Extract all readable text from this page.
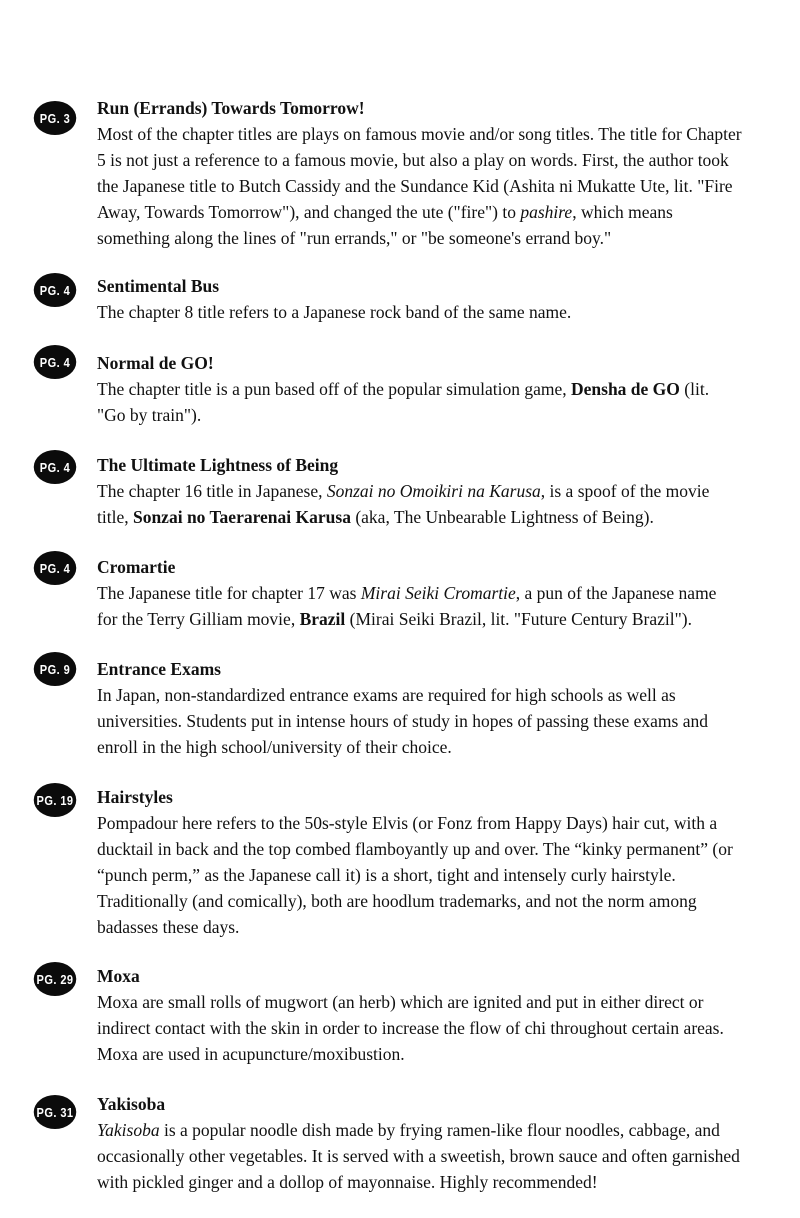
PG. 3 Run (Errands) Towards Tomorrow!

Most of the chapter titles are plays on famous movie and/or song titles. The title for Chapter

5 is not just a reference to a famous movie, but also a play on words. First, the author took

the Japanese title to Butch Cassidy and the Sundance Kid (Ashita ni Mukatte Ute, lit. "Fire

Away, Towards Tomorrow"), and changed the ute ("fire") to pashire, which means

something along the lines of "run errands," or "be someone's errand boy."

PG. 4 Sentimental Bus

The chapter 8 title refers to a Japanese rock band of the same name.

PG. 4 Normal de GO!

The chapter title is a pun based off of the popular simulation game, Densha de GO (lit.

"Go by train").

PG. 4 The Ultimate Lightness of Being

The chapter 16 title in Japanese, Sonzai no Omoikiri na Karusa, is a spoof of the movie

title, Sonzai no Taerarenai Karusa (aka, The Unbearable Lightness of Being).

PG. 4 Cromartie

The Japanese title for chapter 17 was Mirai Seiki Cromartie, a pun of the Japanese name

for the Terry Gilliam movie, Brazil (Mirai Seiki Brazil, lit. "Future Century Brazil").

PG. 9 Entrance Exams

In Japan, non-standardized entrance exams are required for high schools as well as

universities. Students put in intense hours of study in hopes of passing these exams and

enroll in the high school/university of their choice.

PG. 19 Hairstyles

Pompadour here refers to the 50s-style Elvis (or Fonz from Happy Days) hair cut, with a

ducktail in back and the top combed flamboyantly up and over. The “kinky permanent” (or

“punch perm,” as the Japanese call it) is a short, tight and intensely curly hairstyle.

Traditionally (and comically), both are hoodlum trademarks, and not the norm among

badasses these days.

PG. 29 Moxa

Moxa are small rolls of mugwort (an herb) which are ignited and put in either direct or

indirect contact with the skin in order to increase the flow of chi throughout certain areas.

Moxa are used in acupuncture/moxibustion.

PG. 31 Yakisoba

Yakisoba is a popular noodle dish made by frying ramen-like flour noodles, cabbage, and

occasionally other vegetables. It is served with a sweetish, brown sauce and often garnished

with pickled ginger and a dollop of mayonnaise. Highly recommended!
